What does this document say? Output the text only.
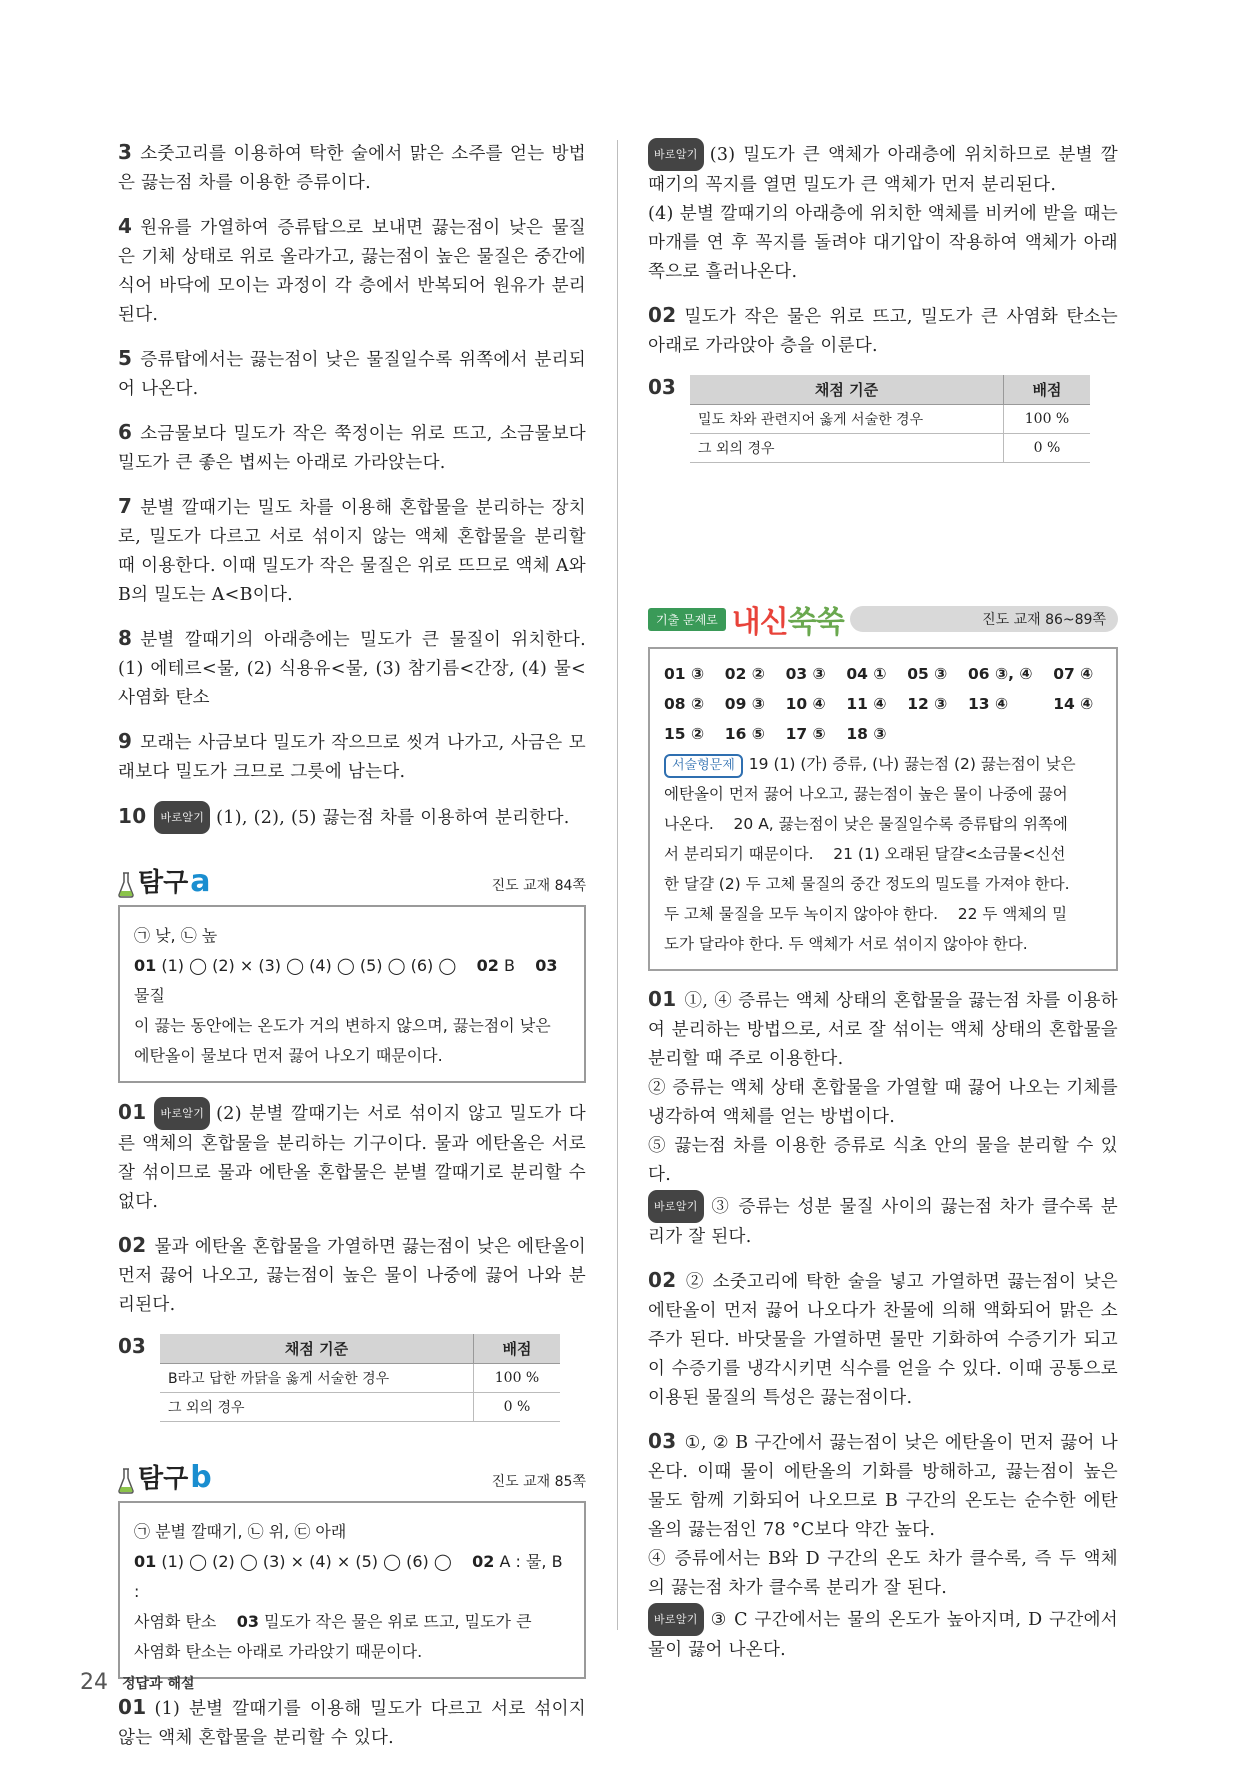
3 소줏고리를 이용하여 탁한 술에서 맑은 소주를 얻는 방법은 끓는점 차를 이용한 증류이다.

4 원유를 가열하여 증류탑으로 보내면 끓는점이 낮은 물질은 기체 상태로 위로 올라가고, 끓는점이 높은 물질은 중간에 식어 바닥에 모이는 과정이 각 층에서 반복되어 원유가 분리된다.

5 증류탑에서는 끓는점이 낮은 물질일수록 위쪽에서 분리되어 나온다.

6 소금물보다 밀도가 작은 쭉정이는 위로 뜨고, 소금물보다 밀도가 큰 좋은 볍씨는 아래로 가라앉는다.

7 분별 깔때기는 밀도 차를 이용해 혼합물을 분리하는 장치로, 밀도가 다르고 서로 섞이지 않는 액체 혼합물을 분리할 때 이용한다. 이때 밀도가 작은 물질은 위로 뜨므로 액체 A와 B의 밀도는 A<B이다.

8 분별 깔때기의 아래층에는 밀도가 큰 물질이 위치한다. (1) 에테르<물, (2) 식용유<물, (3) 참기름<간장, (4) 물<사염화 탄소

9 모래는 사금보다 밀도가 작으므로 씻겨 나가고, 사금은 모래보다 밀도가 크므로 그릇에 남는다.

10 바로알기 (1), (2), (5) 끓는점 차를 이용하여 분리한다.

탐구 a	진도 교재 84쪽
㉠ 낮, ㉡ 높
01 (1) ◯ (2) × (3) ◯ (4) ◯ (5) ◯ (6) ◯ 02 B 03 물질
이 끓는 동안에는 온도가 거의 변하지 않으며, 끓는점이 낮은
에탄올이 물보다 먼저 끓어 나오기 때문이다.

01 바로알기 (2) 분별 깔때기는 서로 섞이지 않고 밀도가 다른 액체의 혼합물을 분리하는 기구이다. 물과 에탄올은 서로 잘 섞이므로 물과 에탄올 혼합물은 분별 깔때기로 분리할 수 없다.

02 물과 에탄올 혼합물을 가열하면 끓는점이 낮은 에탄올이 먼저 끓어 나오고, 끓는점이 높은 물이 나중에 끓어 나와 분리된다.

03	채점 기준	배점
B라고 답한 까닭을 옳게 서술한 경우	100 %
그 외의 경우	0 %
탐구 b	진도 교재 85쪽
㉠ 분별 깔때기, ㉡ 위, ㉢ 아래
01 (1) ◯ (2) ◯ (3) × (4) × (5) ◯ (6) ◯ 02 A : 물, B :
사염화 탄소 03 밀도가 작은 물은 위로 뜨고, 밀도가 큰
사염화 탄소는 아래로 가라앉기 때문이다.

01 (1) 분별 깔때기를 이용해 밀도가 다르고 서로 섞이지 않는 액체 혼합물을 분리할 수 있다.

바로알기 (3) 밀도가 큰 액체가 아래층에 위치하므로 분별 깔때기의 꼭지를 열면 밀도가 큰 액체가 먼저 분리된다.

(4) 분별 깔때기의 아래층에 위치한 액체를 비커에 받을 때는 마개를 연 후 꼭지를 돌려야 대기압이 작용하여 액체가 아래쪽으로 흘러나온다.

02 밀도가 작은 물은 위로 뜨고, 밀도가 큰 사염화 탄소는 아래로 가라앉아 층을 이룬다.

03	채점 기준	배점
밀도 차와 관련지어 옳게 서술한 경우	100 %
그 외의 경우	0 %
기출 문제로 내신쑥쑥	진도 교재 86~89쪽
01 ③	02 ②	03 ③	04 ①	05 ③	06 ③, ④	07 ④
08 ②	09 ③	10 ④	11 ④	12 ③	13 ④	14 ④
15 ②	16 ⑤	17 ⑤	18 ③
서술형문제 19 (1) (가) 증류, (나) 끓는점 (2) 끓는점이 낮은
에탄올이 먼저 끓어 나오고, 끓는점이 높은 물이 나중에 끓어
나온다.    20 A, 끓는점이 낮은 물질일수록 증류탑의 위쪽에
서 분리되기 때문이다.    21 (1) 오래된 달걀<소금물<신선
한 달걀 (2) 두 고체 물질의 중간 정도의 밀도를 가져야 한다.
두 고체 물질을 모두 녹이지 않아야 한다.    22 두 액체의 밀
도가 달라야 한다. 두 액체가 서로 섞이지 않아야 한다.

01 ①, ④ 증류는 액체 상태의 혼합물을 끓는점 차를 이용하여 분리하는 방법으로, 서로 잘 섞이는 액체 상태의 혼합물을 분리할 때 주로 이용한다.

② 증류는 액체 상태 혼합물을 가열할 때 끓어 나오는 기체를 냉각하여 액체를 얻는 방법이다.

⑤ 끓는점 차를 이용한 증류로 식초 안의 물을 분리할 수 있다.

바로알기 ③ 증류는 성분 물질 사이의 끓는점 차가 클수록 분리가 잘 된다.

02 ② 소줏고리에 탁한 술을 넣고 가열하면 끓는점이 낮은 에탄올이 먼저 끓어 나오다가 찬물에 의해 액화되어 맑은 소주가 된다. 바닷물을 가열하면 물만 기화하여 수증기가 되고 이 수증기를 냉각시키면 식수를 얻을 수 있다. 이때 공통으로 이용된 물질의 특성은 끓는점이다.

03 ①, ② B 구간에서 끓는점이 낮은 에탄올이 먼저 끓어 나온다. 이때 물이 에탄올의 기화를 방해하고, 끓는점이 높은 물도 함께 기화되어 나오므로 B 구간의 온도는 순수한 에탄올의 끓는점인 78 °C보다 약간 높다.

④ 증류에서는 B와 D 구간의 온도 차가 클수록, 즉 두 액체의 끓는점 차가 클수록 분리가 잘 된다.

바로알기 ③ C 구간에서는 물의 온도가 높아지며, D 구간에서 물이 끓어 나온다.

24 정답과 해설
